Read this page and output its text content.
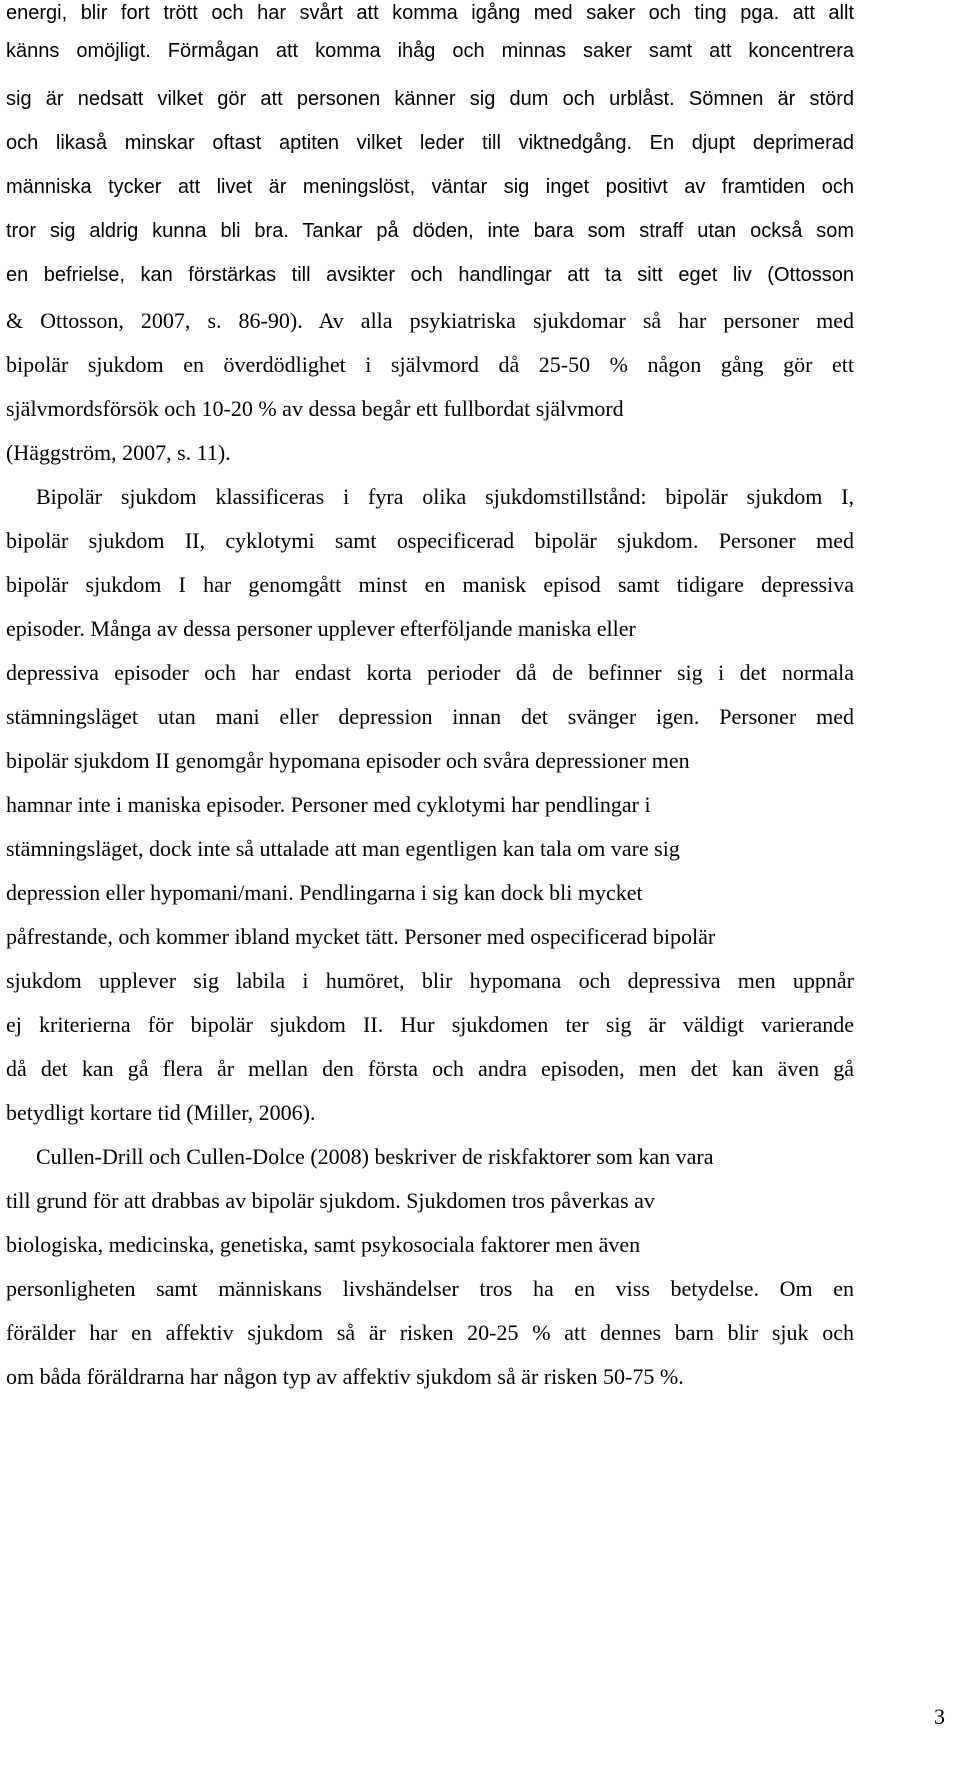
energi, blir fort trött och har svårt att komma igång med saker och ting pga. att allt
känns omöjligt. Förmågan att komma ihåg och minnas saker samt att koncentrera
sig är nedsatt vilket gör att personen känner sig dum och urblåst. Sömnen är störd
och likaså minskar oftast aptiten vilket leder till viktnedgång. En djupt deprimerad
människa tycker att livet är meningslöst, väntar sig inget positivt av framtiden och
tror sig aldrig kunna bli bra. Tankar på döden, inte bara som straff utan också som
en befrielse, kan förstärkas till avsikter och handlingar att ta sitt eget liv (Ottosson
& Ottosson, 2007, s. 86-90). Av alla psykiatriska sjukdomar så har personer med
bipolär sjukdom en överdödlighet i självmord då 25-50 % någon gång gör ett
självmordsförsök och 10-20 % av dessa begår ett fullbordat självmord
(Häggström, 2007, s. 11).
Bipolär sjukdom klassificeras i fyra olika sjukdomstillstånd: bipolär sjukdom I,
bipolär sjukdom II, cyklotymi samt ospecificerad bipolär sjukdom. Personer med
bipolär sjukdom I har genomgått minst en manisk episod samt tidigare depressiva
episoder. Många av dessa personer upplever efterföljande maniska eller
depressiva episoder och har endast korta perioder då de befinner sig i det normala
stämningsläget utan mani eller depression innan det svänger igen. Personer med
bipolär sjukdom II genomgår hypomana episoder och svåra depressioner men
hamnar inte i maniska episoder. Personer med cyklotymi har pendlingar i
stämningsläget, dock inte så uttalade att man egentligen kan tala om vare sig
depression eller hypomani/mani. Pendlingarna i sig kan dock bli mycket
påfrestande, och kommer ibland mycket tätt. Personer med ospecificerad bipolär
sjukdom upplever sig labila i humöret, blir hypomana och depressiva men uppnår
ej kriterierna för bipolär sjukdom II. Hur sjukdomen ter sig är väldigt varierande
då det kan gå flera år mellan den första och andra episoden, men det kan även gå
betydligt kortare tid (Miller, 2006).
Cullen-Drill och Cullen-Dolce (2008) beskriver de riskfaktorer som kan vara
till grund för att drabbas av bipolär sjukdom. Sjukdomen tros påverkas av
biologiska, medicinska, genetiska, samt psykosociala faktorer men även
personligheten samt människans livshändelser tros ha en viss betydelse. Om en
förälder har en affektiv sjukdom så är risken 20-25 % att dennes barn blir sjuk och
om båda föräldrarna har någon typ av affektiv sjukdom så är risken 50-75 %.
3
